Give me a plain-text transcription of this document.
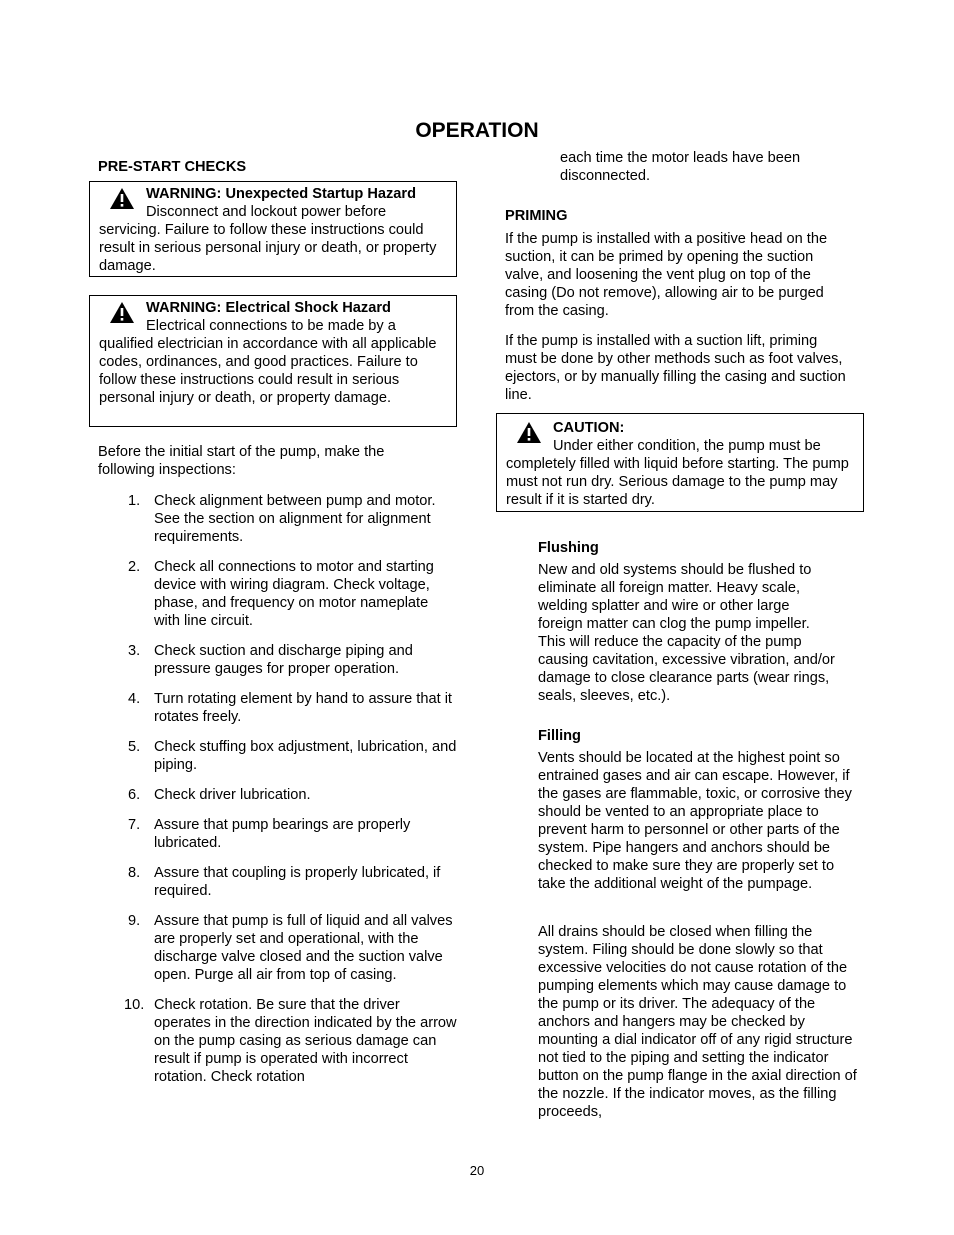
OPERATION
PRE-START CHECKS
WARNING: Unexpected Startup Hazard
Disconnect and lockout power before
servicing. Failure to follow these instructions could result in serious personal injury or death, or property damage.
WARNING: Electrical Shock Hazard
Electrical connections to be made by a
qualified electrician in accordance with all applicable codes, ordinances, and good practices. Failure to follow these instructions could result in serious personal injury or death, or property damage.
Before the initial start of the pump, make the following inspections:
1. Check alignment between pump and motor. See the section on alignment for alignment requirements.
2. Check all connections to motor and starting device with wiring diagram. Check voltage, phase, and frequency on motor nameplate with line circuit.
3. Check suction and discharge piping and pressure gauges for proper operation.
4. Turn rotating element by hand to assure that it rotates freely.
5. Check stuffing box adjustment, lubrication, and piping.
6. Check driver lubrication.
7. Assure that pump bearings are properly lubricated.
8. Assure that coupling is properly lubricated, if required.
9. Assure that pump is full of liquid and all valves are properly set and operational, with the discharge valve closed and the suction valve open. Purge all air from top of casing.
10. Check rotation. Be sure that the driver operates in the direction indicated by the arrow on the pump casing as serious damage can result if pump is operated with incorrect rotation. Check rotation
each time the motor leads have been disconnected.
PRIMING
If the pump is installed with a positive head on the suction, it can be primed by opening the suction valve, and loosening the vent plug on top of the casing (Do not remove), allowing air to be purged from the casing.
If the pump is installed with a suction lift, priming must be done by other methods such as foot valves, ejectors, or by manually filling the casing and suction line.
CAUTION:
Under either condition, the pump must be
completely filled with liquid before starting. The pump must not run dry. Serious damage to the pump may result if it is started dry.
Flushing
New and old systems should be flushed to eliminate all foreign matter. Heavy scale, welding splatter and wire or other large foreign matter can clog the pump impeller. This will reduce the capacity of the pump causing cavitation, excessive vibration, and/or damage to close clearance parts (wear rings, seals, sleeves, etc.).
Filling
Vents should be located at the highest point so entrained gases and air can escape. However, if the gases are flammable, toxic, or corrosive they should be vented to an appropriate place to prevent harm to personnel or other parts of the system. Pipe hangers and anchors should be checked to make sure they are properly set to take the additional weight of the pumpage.
All drains should be closed when filling the system. Filing should be done slowly so that excessive velocities do not cause rotation of the pumping elements which may cause damage to the pump or its driver. The adequacy of the anchors and hangers may be checked by mounting a dial indicator off of any rigid structure not tied to the piping and setting the indicator button on the pump flange in the axial direction of the nozzle. If the indicator moves, as the filling proceeds,
20
